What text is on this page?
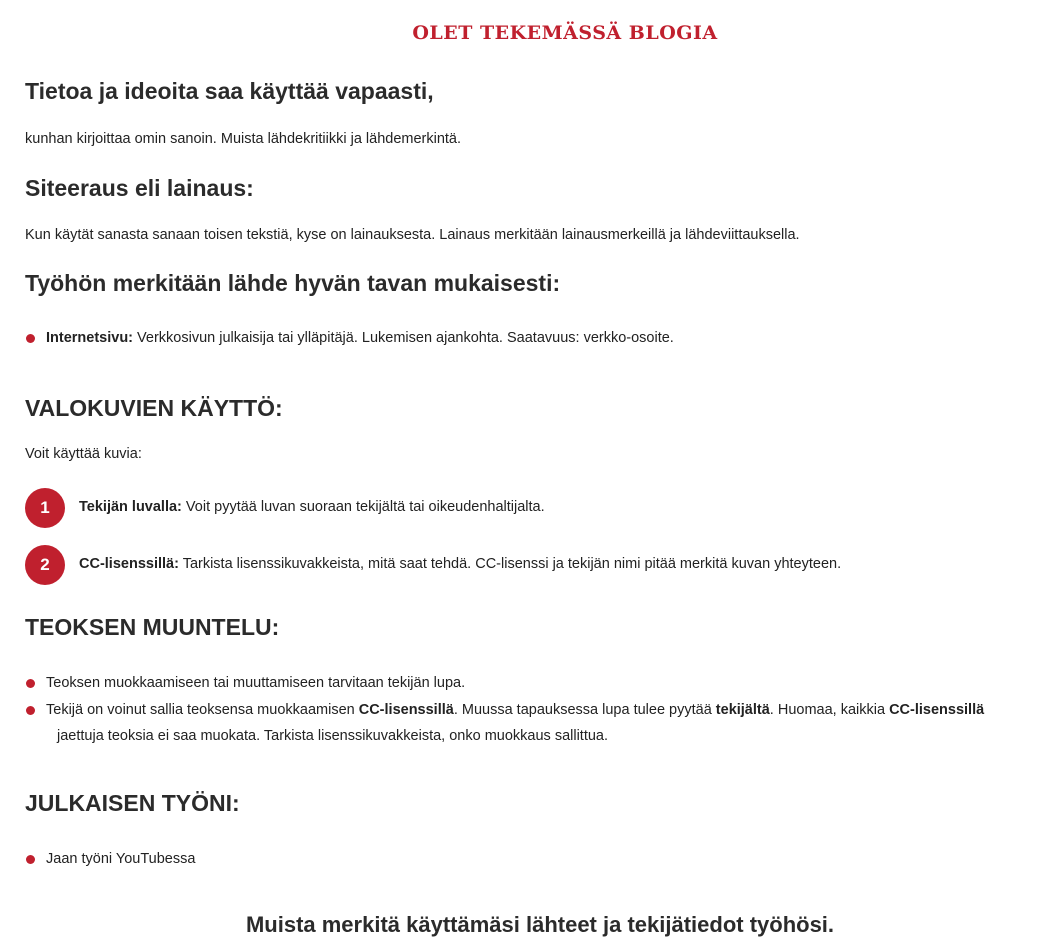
OLET TEKEMÄSSÄ BLOGIA
Tietoa ja ideoita saa käyttää vapaasti,

kunhan kirjoittaa omin sanoin. Muista lähdekritiikki ja lähdemerkintä.

Siteeraus eli lainaus:

Kun käytät sanasta sanaan toisen tekstiä, kyse on lainauksesta. Lainaus merkitään lainausmerkeillä ja lähdeviittauksella.

Työhön merkitään lähde hyvän tavan mukaisesti:
Internetsivu: Verkkosivun julkaisija tai ylläpitäjä. Lukemisen ajankohta. Saatavuus: verkko-osoite.
VALOKUVIEN KÄYTTÖ:

Voit käyttää kuvia:

1	Tekijän luvalla: Voit pyytää luvan suoraan tekijältä tai oikeudenhaltijalta.
2	CC-lisenssillä: Tarkista lisenssikuvakkeista, mitä saat tehdä. CC-lisenssi ja tekijän nimi pitää merkitä kuvan yhteyteen.
TEOKSEN MUUNTELU:
Teoksen muokkaamiseen tai muuttamiseen tarvitaan tekijän lupa.
Tekijä on voinut sallia teoksensa muokkaamisen CC-lisenssillä. Muussa tapauksessa lupa tulee pyytää tekijältä. Huomaa, kaikkia CC-lisenssillä
jaettuja teoksia ei saa muokata. Tarkista lisenssikuvakkeista, onko muokkaus sallittua.
JULKAISEN TYÖNI:
Jaan työni YouTubessa
Muista merkitä käyttämäsi lähteet ja tekijätiedot työhösi.
